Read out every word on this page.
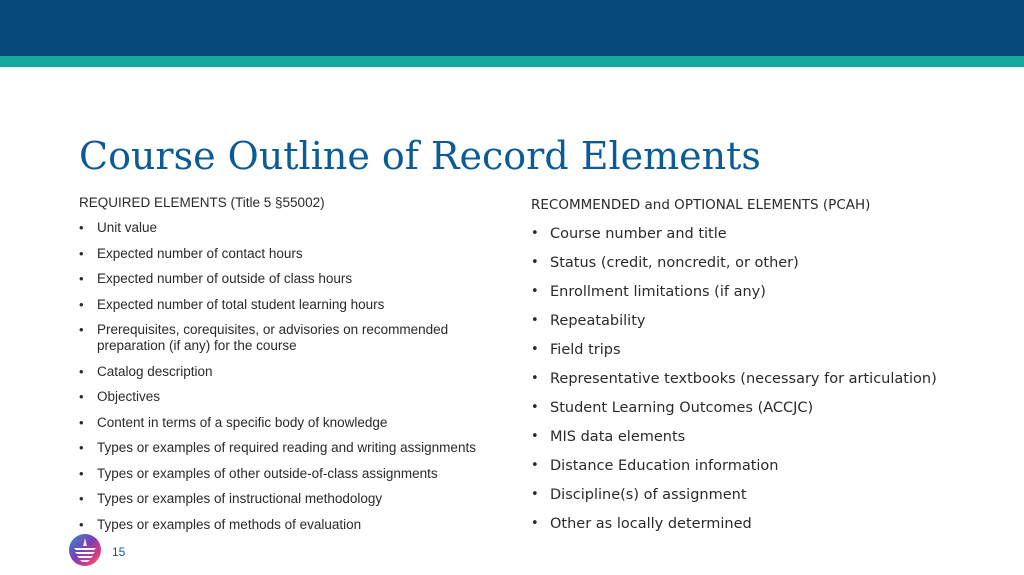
Course Outline of Record Elements

REQUIRED ELEMENTS (Title 5 §55002)

• Unit value
• Expected number of contact hours
• Expected number of outside of class hours
• Expected number of total student learning hours
• Prerequisites, corequisites, or advisories on recommended preparation (if any) for the course
• Catalog description
• Objectives
• Content in terms of a specific body of knowledge
• Types or examples of required reading and writing assignments
• Types or examples of other outside-of-class assignments
• Types or examples of instructional methodology
• Types or examples of methods of evaluation

RECOMMENDED and OPTIONAL ELEMENTS (PCAH)

• Course number and title
• Status (credit, noncredit, or other)
• Enrollment limitations (if any)
• Repeatability
• Field trips
• Representative textbooks (necessary for articulation)
• Student Learning Outcomes (ACCJC)
• MIS data elements
• Distance Education information
• Discipline(s) of assignment
• Other as locally determined
15
